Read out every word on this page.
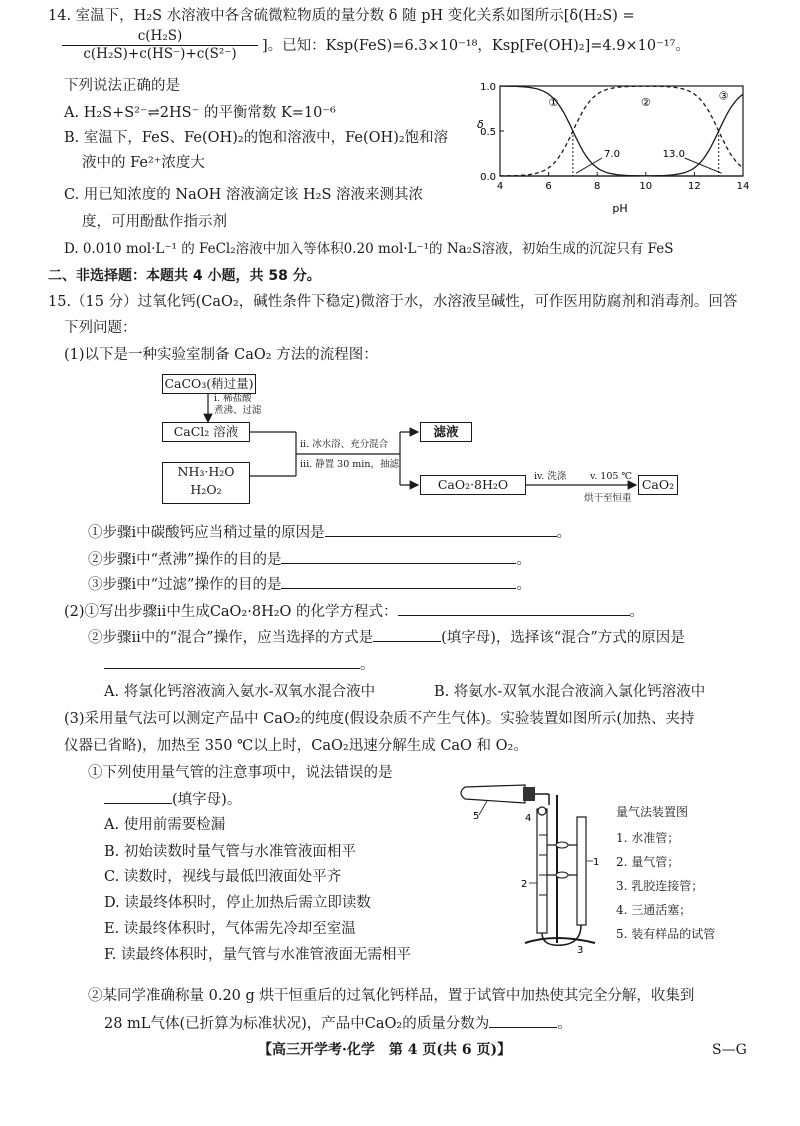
14. 室温下，H₂S 水溶液中各含硫微粒物质的量分数 δ 随 pH 变化关系如图所示[δ(H₂S) =
$\frac{\text{c(H₂S)}}{\text{c(H₂S)+c(HS⁻)+c(S²⁻)}}$ ]。已知：Ksp(FeS)=6.3×10⁻¹⁸，Ksp[Fe(OH)₂]=4.9×10⁻¹⁷。
下列说法正确的是
A. H₂S+S²⁻⇌2HS⁻ 的平衡常数 K=10⁻⁶
B. 室温下，FeS、Fe(OH)₂的饱和溶液中，Fe(OH)₂饱和溶
液中的 Fe²⁺浓度大
C. 用已知浓度的 NaOH 溶液滴定该 H₂S 溶液来测其浓
度，可用酚酞作指示剂
D. 0.010 mol·L⁻¹ 的 FeCl₂溶液中加入等体积0.20 mol·L⁻¹的 Na₂S溶液，初始生成的沉淀只有 FeS
δ
pH
4	6	8	10	12	14
0.0
0.5
1.0
①	②	③
7.0	13.0
二、非选择题：本题共 4 小题，共 58 分。
15.（15 分）过氧化钙(CaO₂，碱性条件下稳定)微溶于水，水溶液呈碱性，可作医用防腐剂和消毒剂。回答
下列问题：
(1)以下是一种实验室制备 CaO₂ 方法的流程图：
CaCO₃(稍过量)
i. 稀盐酸
煮沸、过滤
CaCl₂ 溶液
NH₃·H₂O
H₂O₂
ii. 冰水浴、充分混合
iii. 静置 30 min，抽滤
滤液
CaO₂·8H₂O
iv. 洗涤 v. 105 ℃
烘干至恒重
CaO₂
①步骤ⅰ中碳酸钙应当稍过量的原因是	。
②步骤ⅰ中“煮沸”操作的目的是	。
③步骤ⅰ中“过滤”操作的目的是	。
(2)①写出步骤ⅱ中生成CaO₂·8H₂O 的化学方程式：	。
②步骤ⅱ中的“混合”操作，应当选择的方式是	(填字母)，选择该“混合”方式的原因是
。
A. 将氯化钙溶液滴入氨水-双氧水混合液中	B. 将氨水-双氧水混合液滴入氯化钙溶液中
(3)采用量气法可以测定产品中 CaO₂的纯度(假设杂质不产生气体)。实验装置如图所示(加热、夹持
仪器已省略)，加热至 350 ℃以上时，CaO₂迅速分解生成 CaO 和 O₂。
①下列使用量气管的注意事项中，说法错误的是
(填字母)。
A. 使用前需要检漏
B. 初始读数时量气管与水准管液面相平
C. 读数时，视线与最低凹液面处平齐
D. 读最终体积时，停止加热后需立即读数
E. 读最终体积时，气体需先冷却至室温
F. 读最终体积时，量气管与水准管液面无需相平
5	4
1
2
3
量气法装置图
1. 水准管；
2. 量气管；
3. 乳胶连接管；
4. 三通活塞；
5. 装有样品的试管
②某同学准确称量 0.20 g 烘干恒重后的过氧化钙样品，置于试管中加热使其完全分解，收集到
28 mL气体(已折算为标准状况)，产品中CaO₂的质量分数为	。
【高三开学考·化学　第 4 页(共 6 页)】	S—G
